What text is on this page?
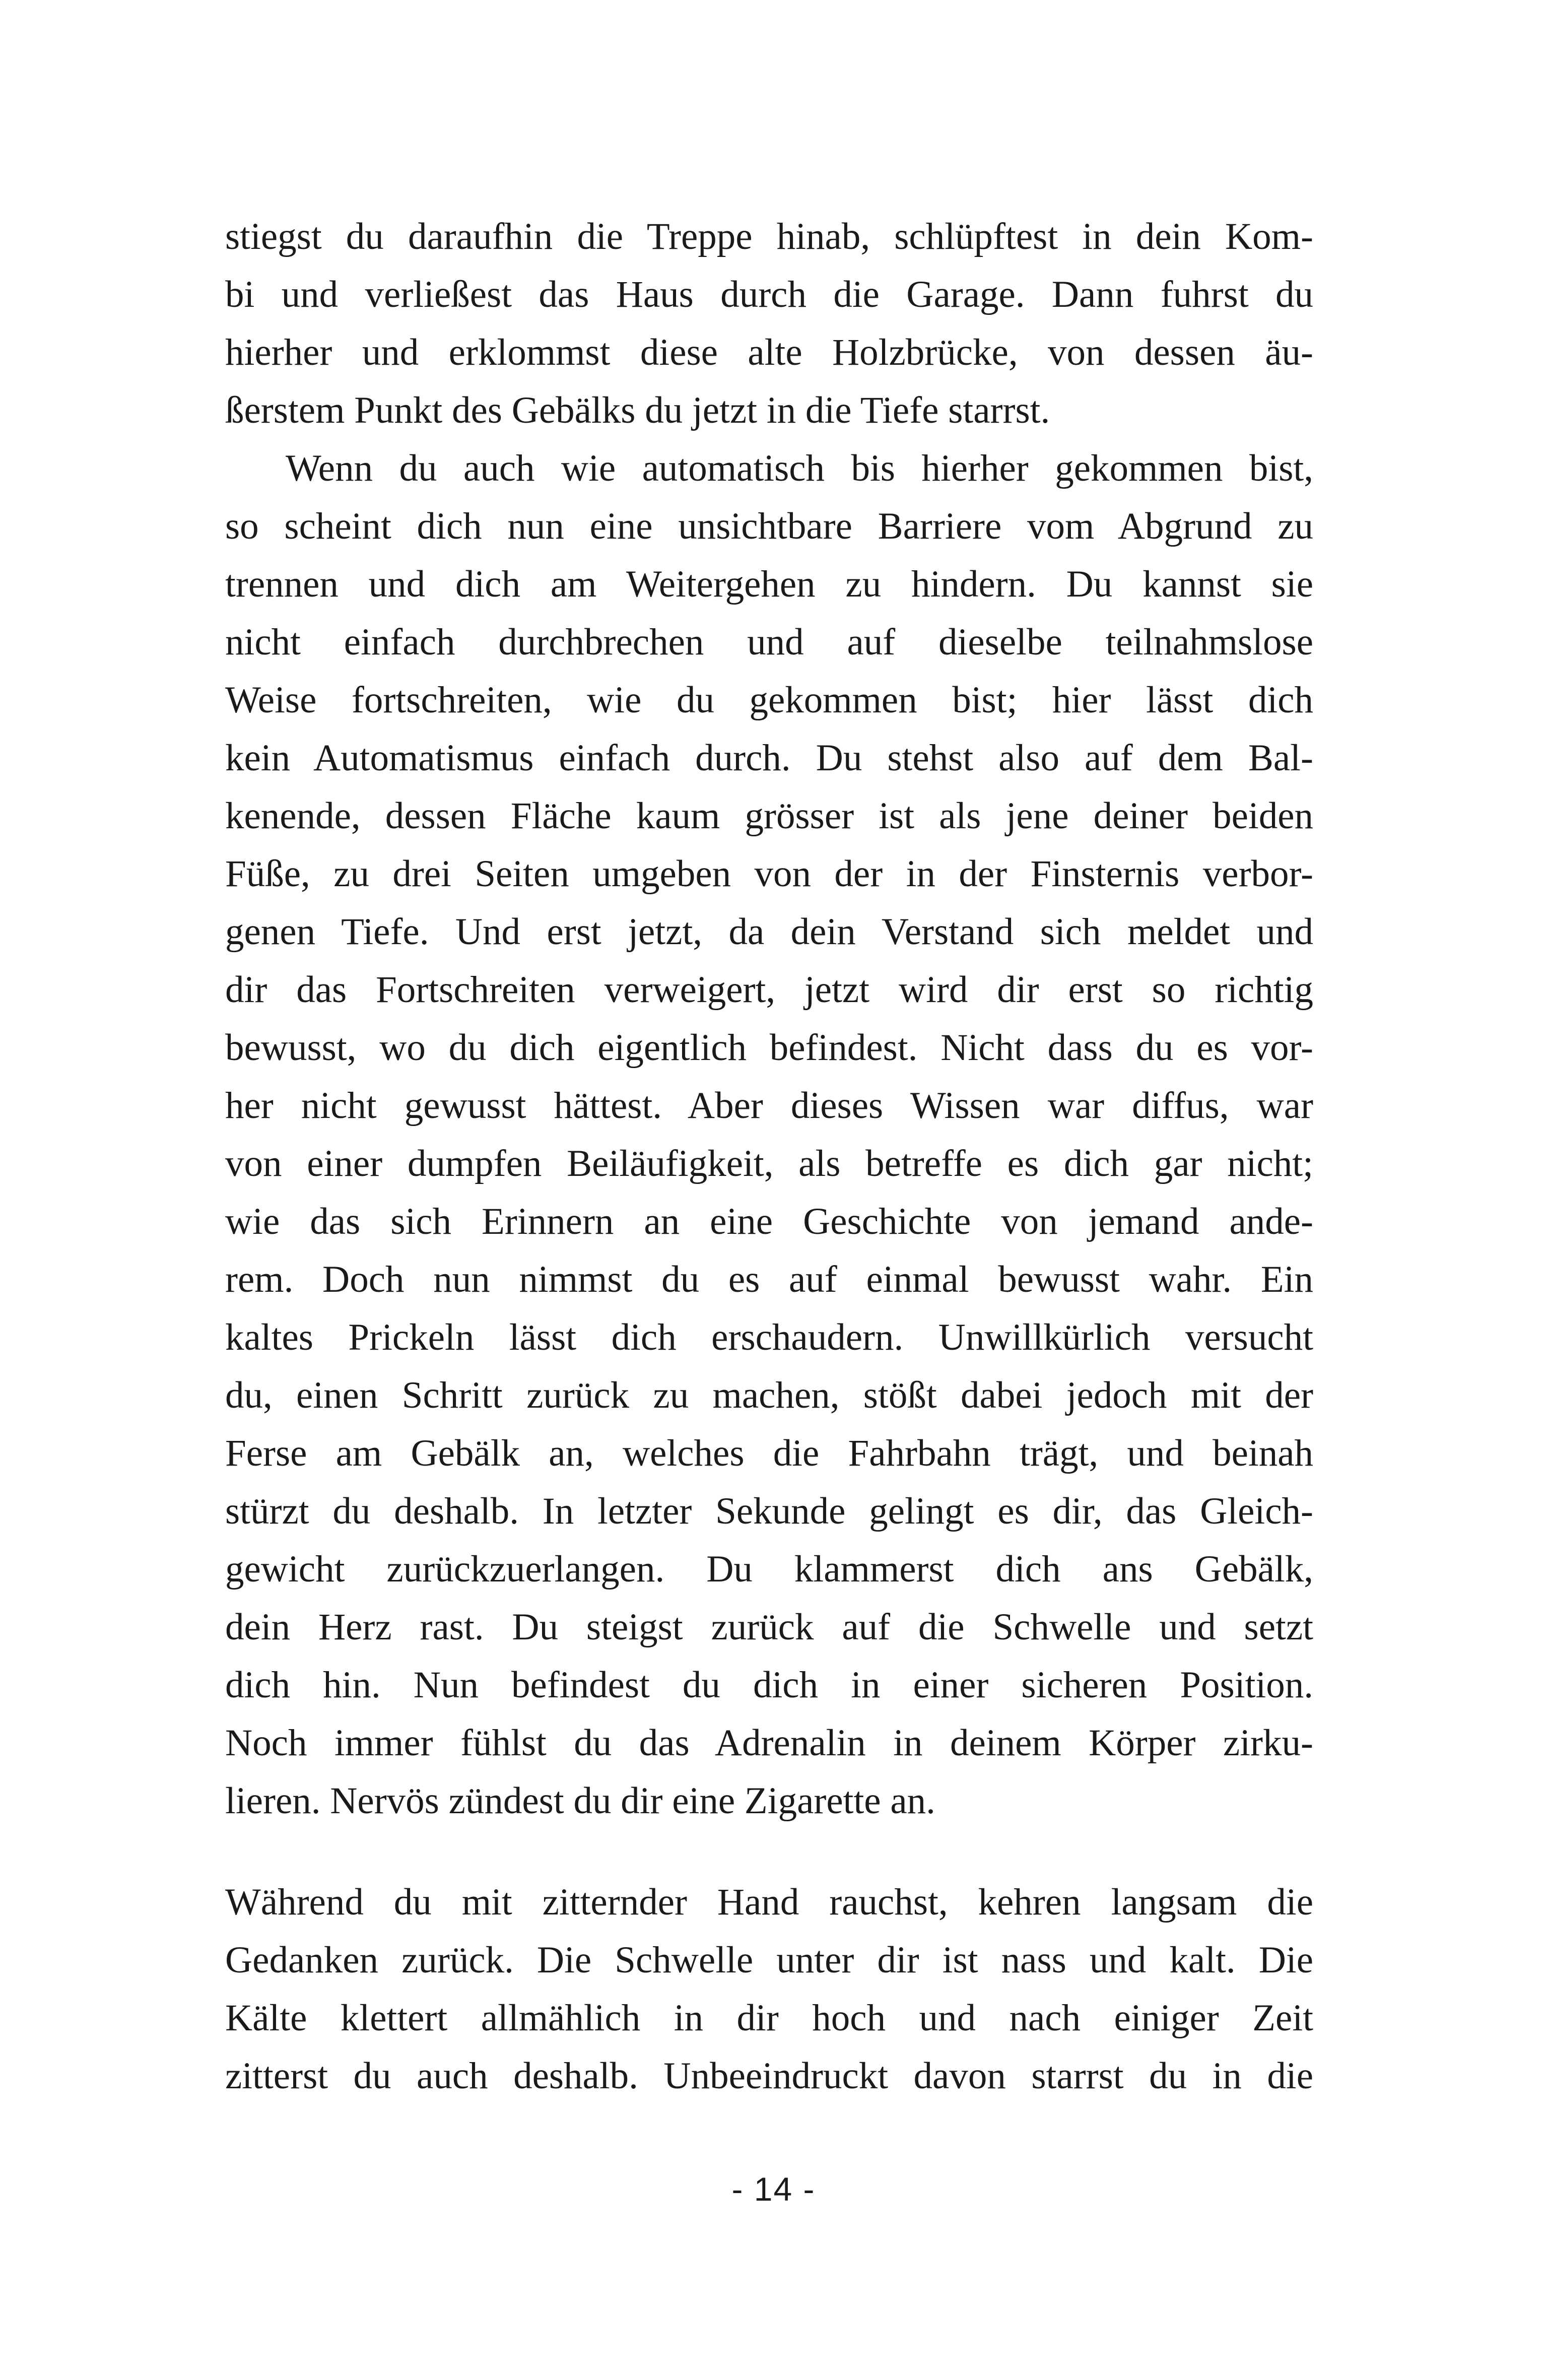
stiegst du daraufhin die Treppe hinab, schlüpftest in dein Kom-
bi und verließest das Haus durch die Garage. Dann fuhrst du
hierher und erklommst diese alte Holzbrücke, von dessen äu-
ßerstem Punkt des Gebälks du jetzt in die Tiefe starrst.
Wenn du auch wie automatisch bis hierher gekommen bist,
so scheint dich nun eine unsichtbare Barriere vom Abgrund zu
trennen und dich am Weitergehen zu hindern. Du kannst sie
nicht einfach durchbrechen und auf dieselbe teilnahmslose
Weise fortschreiten, wie du gekommen bist; hier lässt dich
kein Automatismus einfach durch. Du stehst also auf dem Bal-
kenende, dessen Fläche kaum grösser ist als jene deiner beiden
Füße, zu drei Seiten umgeben von der in der Finsternis verbor-
genen Tiefe. Und erst jetzt, da dein Verstand sich meldet und
dir das Fortschreiten verweigert, jetzt wird dir erst so richtig
bewusst, wo du dich eigentlich befindest. Nicht dass du es vor-
her nicht gewusst hättest. Aber dieses Wissen war diffus, war
von einer dumpfen Beiläufigkeit, als betreffe es dich gar nicht;
wie das sich Erinnern an eine Geschichte von jemand ande-
rem. Doch nun nimmst du es auf einmal bewusst wahr. Ein
kaltes Prickeln lässt dich erschaudern. Unwillkürlich versucht
du, einen Schritt zurück zu machen, stößt dabei jedoch mit der
Ferse am Gebälk an, welches die Fahrbahn trägt, und beinah
stürzt du deshalb. In letzter Sekunde gelingt es dir, das Gleich-
gewicht zurückzuerlangen. Du klammerst dich ans Gebälk,
dein Herz rast. Du steigst zurück auf die Schwelle und setzt
dich hin. Nun befindest du dich in einer sicheren Position.
Noch immer fühlst du das Adrenalin in deinem Körper zirku-
lieren. Nervös zündest du dir eine Zigarette an.
Während du mit zitternder Hand rauchst, kehren langsam die
Gedanken zurück. Die Schwelle unter dir ist nass und kalt. Die
Kälte klettert allmählich in dir hoch und nach einiger Zeit
zitterst du auch deshalb. Unbeeindruckt davon starrst du in die
- 14 -
